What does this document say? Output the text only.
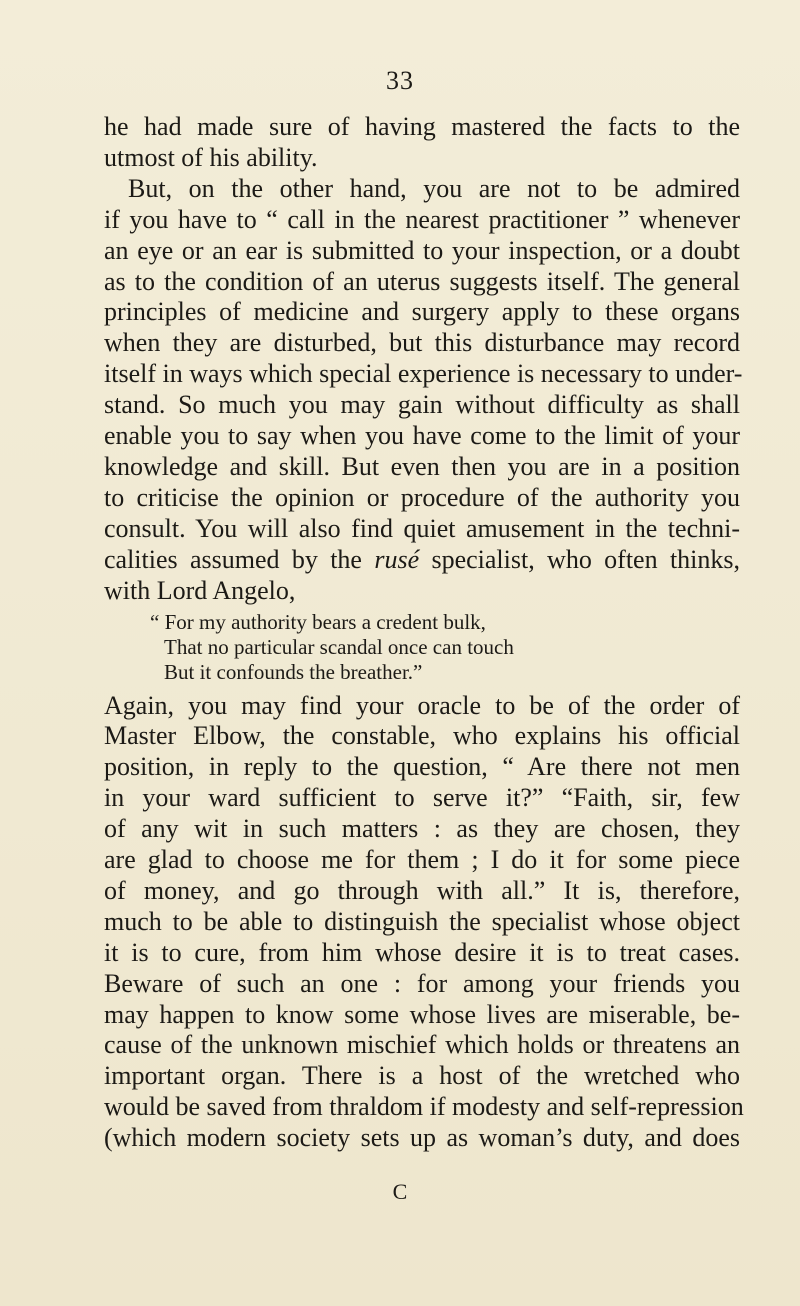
33
he had made sure of having mastered the facts to the
utmost of his ability.
But, on the other hand, you are not to be admired
if you have to “ call in the nearest practitioner ” whenever
an eye or an ear is submitted to your inspection, or a doubt
as to the condition of an uterus suggests itself. The general
principles of medicine and surgery apply to these organs
when they are disturbed, but this disturbance may record
itself in ways which special experience is necessary to under-
stand. So much you may gain without difficulty as shall
enable you to say when you have come to the limit of your
knowledge and skill. But even then you are in a position
to criticise the opinion or procedure of the authority you
consult. You will also find quiet amusement in the techni-
calities assumed by the rusé specialist, who often thinks,
with Lord Angelo,
“ For my authority bears a credent bulk,
That no particular scandal once can touch
But it confounds the breather.”
Again, you may find your oracle to be of the order of
Master Elbow, the constable, who explains his official
position, in reply to the question, “ Are there not men
in your ward sufficient to serve it?” “Faith, sir, few
of any wit in such matters : as they are chosen, they
are glad to choose me for them ; I do it for some piece
of money, and go through with all.” It is, therefore,
much to be able to distinguish the specialist whose object
it is to cure, from him whose desire it is to treat cases.
Beware of such an one : for among your friends you
may happen to know some whose lives are miserable, be-
cause of the unknown mischief which holds or threatens an
important organ. There is a host of the wretched who
would be saved from thraldom if modesty and self-repression
(which modern society sets up as woman’s duty, and does
C
